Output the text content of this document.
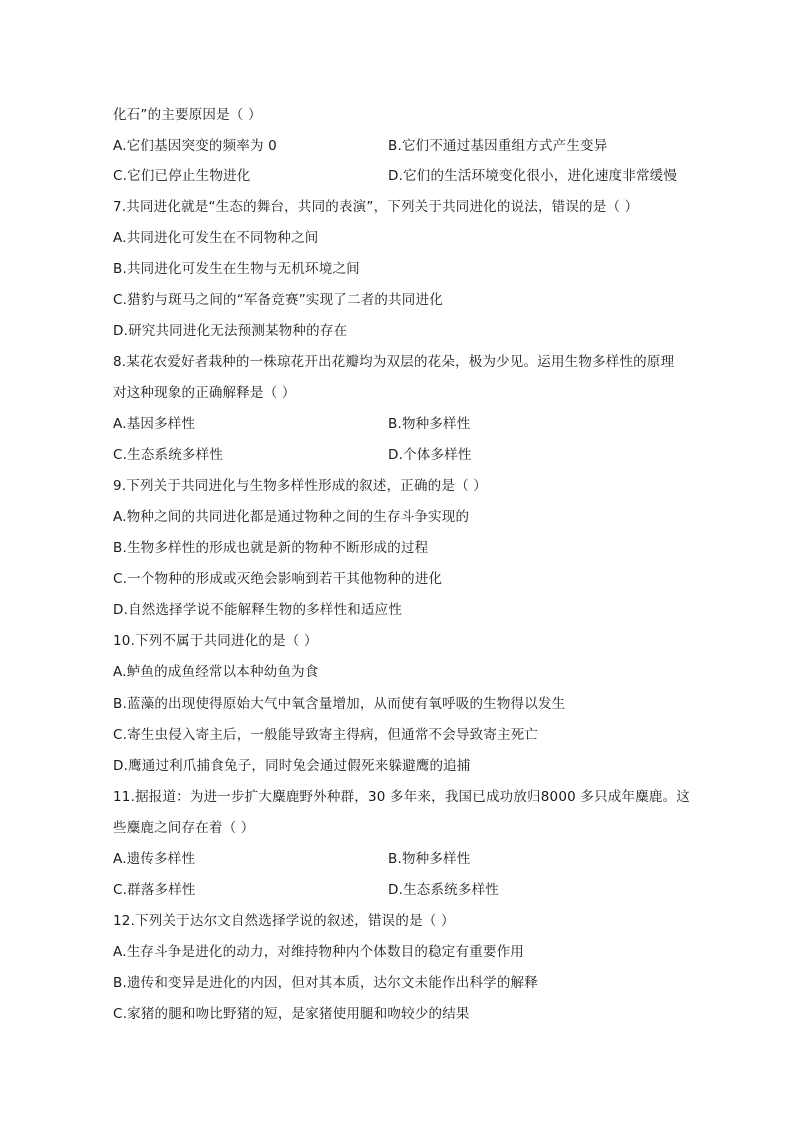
化石”的主要原因是（ ）
A.它们基因突变的频率为 0	B.它们不通过基因重组方式产生变异
C.它们已停止生物进化	D.它们的生活环境变化很小，进化速度非常缓慢
7.共同进化就是“生态的舞台，共同的表演”，下列关于共同进化的说法，错误的是（ ）
A.共同进化可发生在不同物种之间
B.共同进化可发生在生物与无机环境之间
C.猎豹与斑马之间的“军备竞赛”实现了二者的共同进化
D.研究共同进化无法预测某物种的存在
8.某花农爱好者栽种的一株琼花开出花瓣均为双层的花朵，极为少见。运用生物多样性的原理
对这种现象的正确解释是（ ）
A.基因多样性	B.物种多样性
C.生态系统多样性	D.个体多样性
9.下列关于共同进化与生物多样性形成的叙述，正确的是（ ）
A.物种之间的共同进化都是通过物种之间的生存斗争实现的
B.生物多样性的形成也就是新的物种不断形成的过程
C.一个物种的形成或灭绝会影响到若干其他物种的进化
D.自然选择学说不能解释生物的多样性和适应性
10.下列不属于共同进化的是（ ）
A.鲈鱼的成鱼经常以本种幼鱼为食
B.蓝藻的出现使得原始大气中氧含量增加，从而使有氧呼吸的生物得以发生
C.寄生虫侵入寄主后，一般能导致寄主得病，但通常不会导致寄主死亡
D.鹰通过利爪捕食兔子，同时兔会通过假死来躲避鹰的追捕
11.据报道：为进一步扩大麋鹿野外种群，30 多年来，我国已成功放归8000 多只成年麋鹿。这
些麋鹿之间存在着（ ）
A.遗传多样性	B.物种多样性
C.群落多样性	D.生态系统多样性
12.下列关于达尔文自然选择学说的叙述，错误的是（ ）
A.生存斗争是进化的动力，对维持物种内个体数目的稳定有重要作用
B.遗传和变异是进化的内因，但对其本质，达尔文未能作出科学的解释
C.家猪的腿和吻比野猪的短，是家猪使用腿和吻较少的结果
